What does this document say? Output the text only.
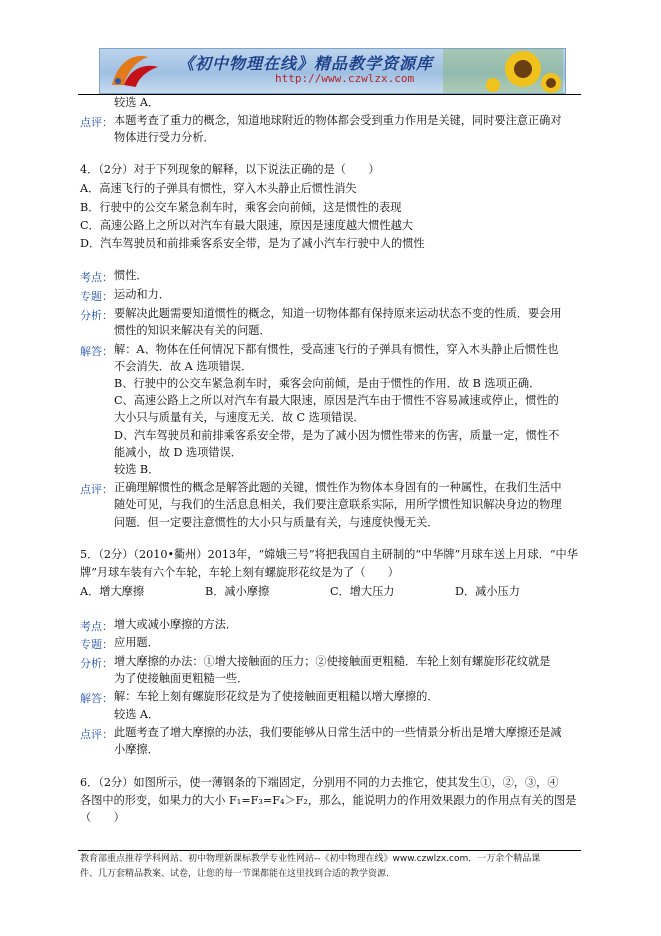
《初中物理在线》精品教学资源库
http://www.czwlzx.com
较选 A．
点评： 本题考查了重力的概念，知道地球附近的物体都会受到重力作用是关键，同时要注意正确对
物体进行受力分析．
4．（2分）对于下列现象的解释，以下说法正确的是（　　）
A．高速飞行的子弹具有惯性，穿入木头静止后惯性消失
B．行驶中的公交车紧急刹车时，乘客会向前倾，这是惯性的表现
C．高速公路上之所以对汽车有最大限速，原因是速度越大惯性越大
D．汽车驾驶员和前排乘客系安全带，是为了减小汽车行驶中人的惯性
考点： 惯性．
专题： 运动和力．
分析： 要解决此题需要知道惯性的概念，知道一切物体都有保持原来运动状态不变的性质．要会用
惯性的知识来解决有关的问题．
解答： 解：A、物体在任何情况下都有惯性，受高速飞行的子弹具有惯性，穿入木头静止后惯性也
不会消失．故 A 选项错误．
B、行驶中的公交车紧急刹车时，乘客会向前倾，是由于惯性的作用．故 B 选项正确．
C、高速公路上之所以对汽车有最大限速，原因是汽车由于惯性不容易减速或停止，惯性的
大小只与质量有关，与速度无关．故 C 选项错误．
D、汽车驾驶员和前排乘客系安全带，是为了减小因为惯性带来的伤害，质量一定，惯性不
能减小，故 D 选项错误．
较选 B．
点评： 正确理解惯性的概念是解答此题的关键，惯性作为物体本身固有的一种属性，在我们生活中
随处可见，与我们的生活息息相关，我们要注意联系实际，用所学惯性知识解决身边的物理
问题．但一定要注意惯性的大小只与质量有关，与速度快慢无关．
5．（2分）（2010•衢州）2013年，“嫦娥三号”将把我国自主研制的“中华牌”月球车送上月球．“中华
牌”月球车装有六个车轮，车轮上刻有螺旋形花纹是为了（　　）
A．增大摩擦	B．减小摩擦	C．增大压力	D．减小压力
考点： 增大或减小摩擦的方法．
专题： 应用题．
分析： 增大摩擦的办法：①增大接触面的压力；②使接触面更粗糙．车轮上刻有螺旋形花纹就是
为了使接触面更粗糙一些．
解答： 解：车轮上刻有螺旋形花纹是为了使接触面更粗糙以增大摩擦的．
较选 A．
点评： 此题考查了增大摩擦的办法，我们要能够从日常生活中的一些情景分析出是增大摩擦还是减
小摩擦．
6．（2分）如图所示，使一薄钢条的下端固定，分别用不同的力去推它，使其发生①，②，③，④
各图中的形变，如果力的大小 F₁=F₃=F₄＞F₂，那么，能说明力的作用效果跟力的作用点有关的图是
（　　）
教育部重点推荐学科网站、初中物理新课标教学专业性网站--《初中物理在线》www.czwlzx.com．一万余个精品课
件、几万套精品教案、试卷，让您的每一节课都能在这里找到合适的教学资源．
